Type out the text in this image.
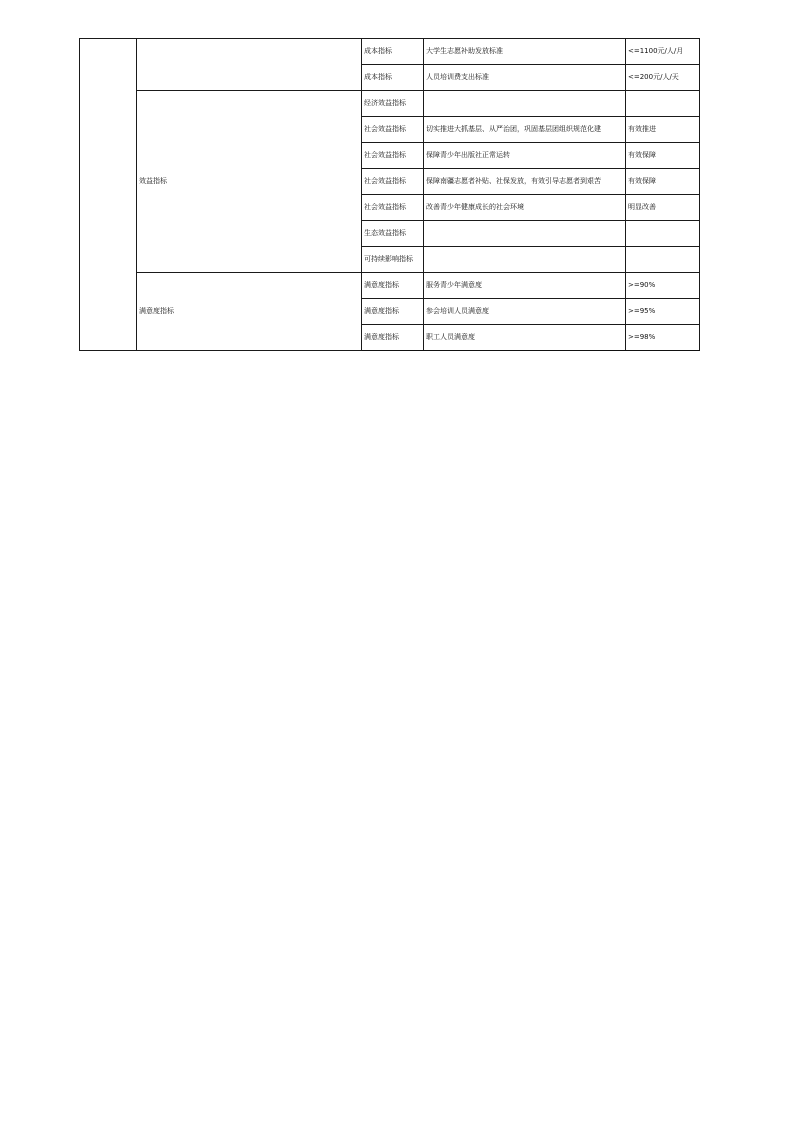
		成本指标	大学生志愿补助发放标准	<=1100元/人/月
		成本指标	人员培训费支出标准	<=200元/人/天
	效益指标	经济效益指标		
		社会效益指标	切实推进大抓基层、从严治团，巩固基层团组织规范化建	有效推进
		社会效益指标	保障青少年出版社正常运转	有效保障
		社会效益指标	保障南疆志愿者补贴、社保发放，有效引导志愿者到艰苦	有效保障
		社会效益指标	改善青少年健康成长的社会环境	明显改善
		生态效益指标		
		可持续影响指标		
	满意度指标	满意度指标	服务青少年满意度	>=90%
		满意度指标	参会培训人员满意度	>=95%
		满意度指标	职工人员满意度	>=98%
